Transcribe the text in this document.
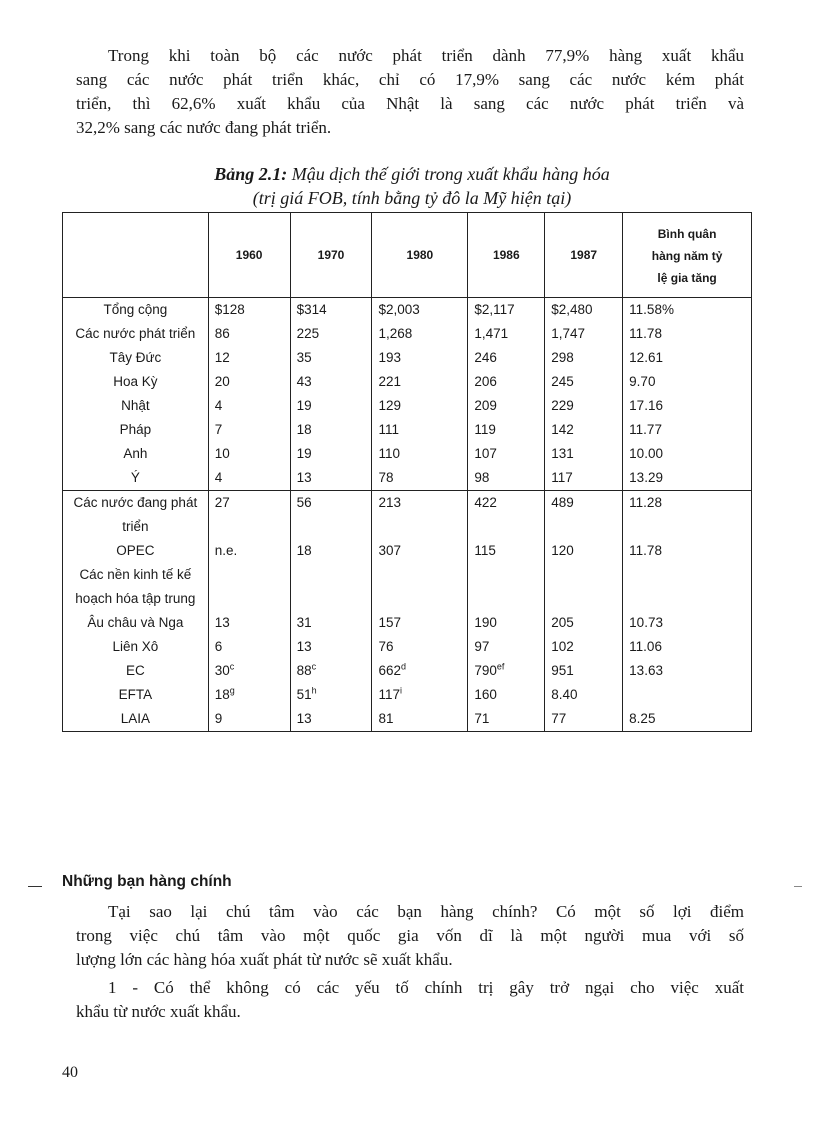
Trong khi toàn bộ các nước phát triển dành 77,9% hàng xuất khẩu
sang các nước phát triển khác, chỉ có 17,9% sang các nước kém phát
triển, thì 62,6% xuất khẩu của Nhật là sang các nước phát triển và
32,2% sang các nước đang phát triển.
Bảng 2.1: Mậu dịch thế giới trong xuất khẩu hàng hóa
(trị giá FOB, tính bằng tỷ đô la Mỹ hiện tại)
	1960	1970	1980	1986	1987	Bình quân
hàng năm tỷ
lệ gia tăng

Tổng cộng	$128	$314	$2,003	$2,117	$2,480	11.58%
Các nước phát triển	86	225	1,268	1,471	1,747	11.78
Tây Đức	12	35	193	246	298	12.61
Hoa Kỳ	20	43	221	206	245	9.70
Nhật	4	19	129	209	229	17.16
Pháp	7	18	111	119	142	11.77
Anh	10	19	110	107	131	10.00
Ý	4	13	78	98	117	13.29
Các nước đang phát triển	27	56	213	422	489	11.28
OPEC	n.e.	18	307	115	120	11.78
Các nền kinh tế kế hoạch hóa tập trung						
Âu châu và Nga	13	31	157	190	205	10.73
Liên Xô	6	13	76	97	102	11.06
EC	30$^c$	88$^c$	662$^d$	$790^{ef}$	951	13.63
EFTA	18$^g$	51$^h$	117$^i$	160	8.40	
LAIA	9	13	81	71	77	8.25
Những bạn hàng chính
Tại sao lại chú tâm vào các bạn hàng chính? Có một số lợi điểm
trong việc chú tâm vào một quốc gia vốn dĩ là một người mua với số
lượng lớn các hàng hóa xuất phát từ nước sẽ xuất khẩu.
1 - Có thể không có các yếu tố chính trị gây trở ngại cho việc xuất
khẩu từ nước xuất khẩu.
40
